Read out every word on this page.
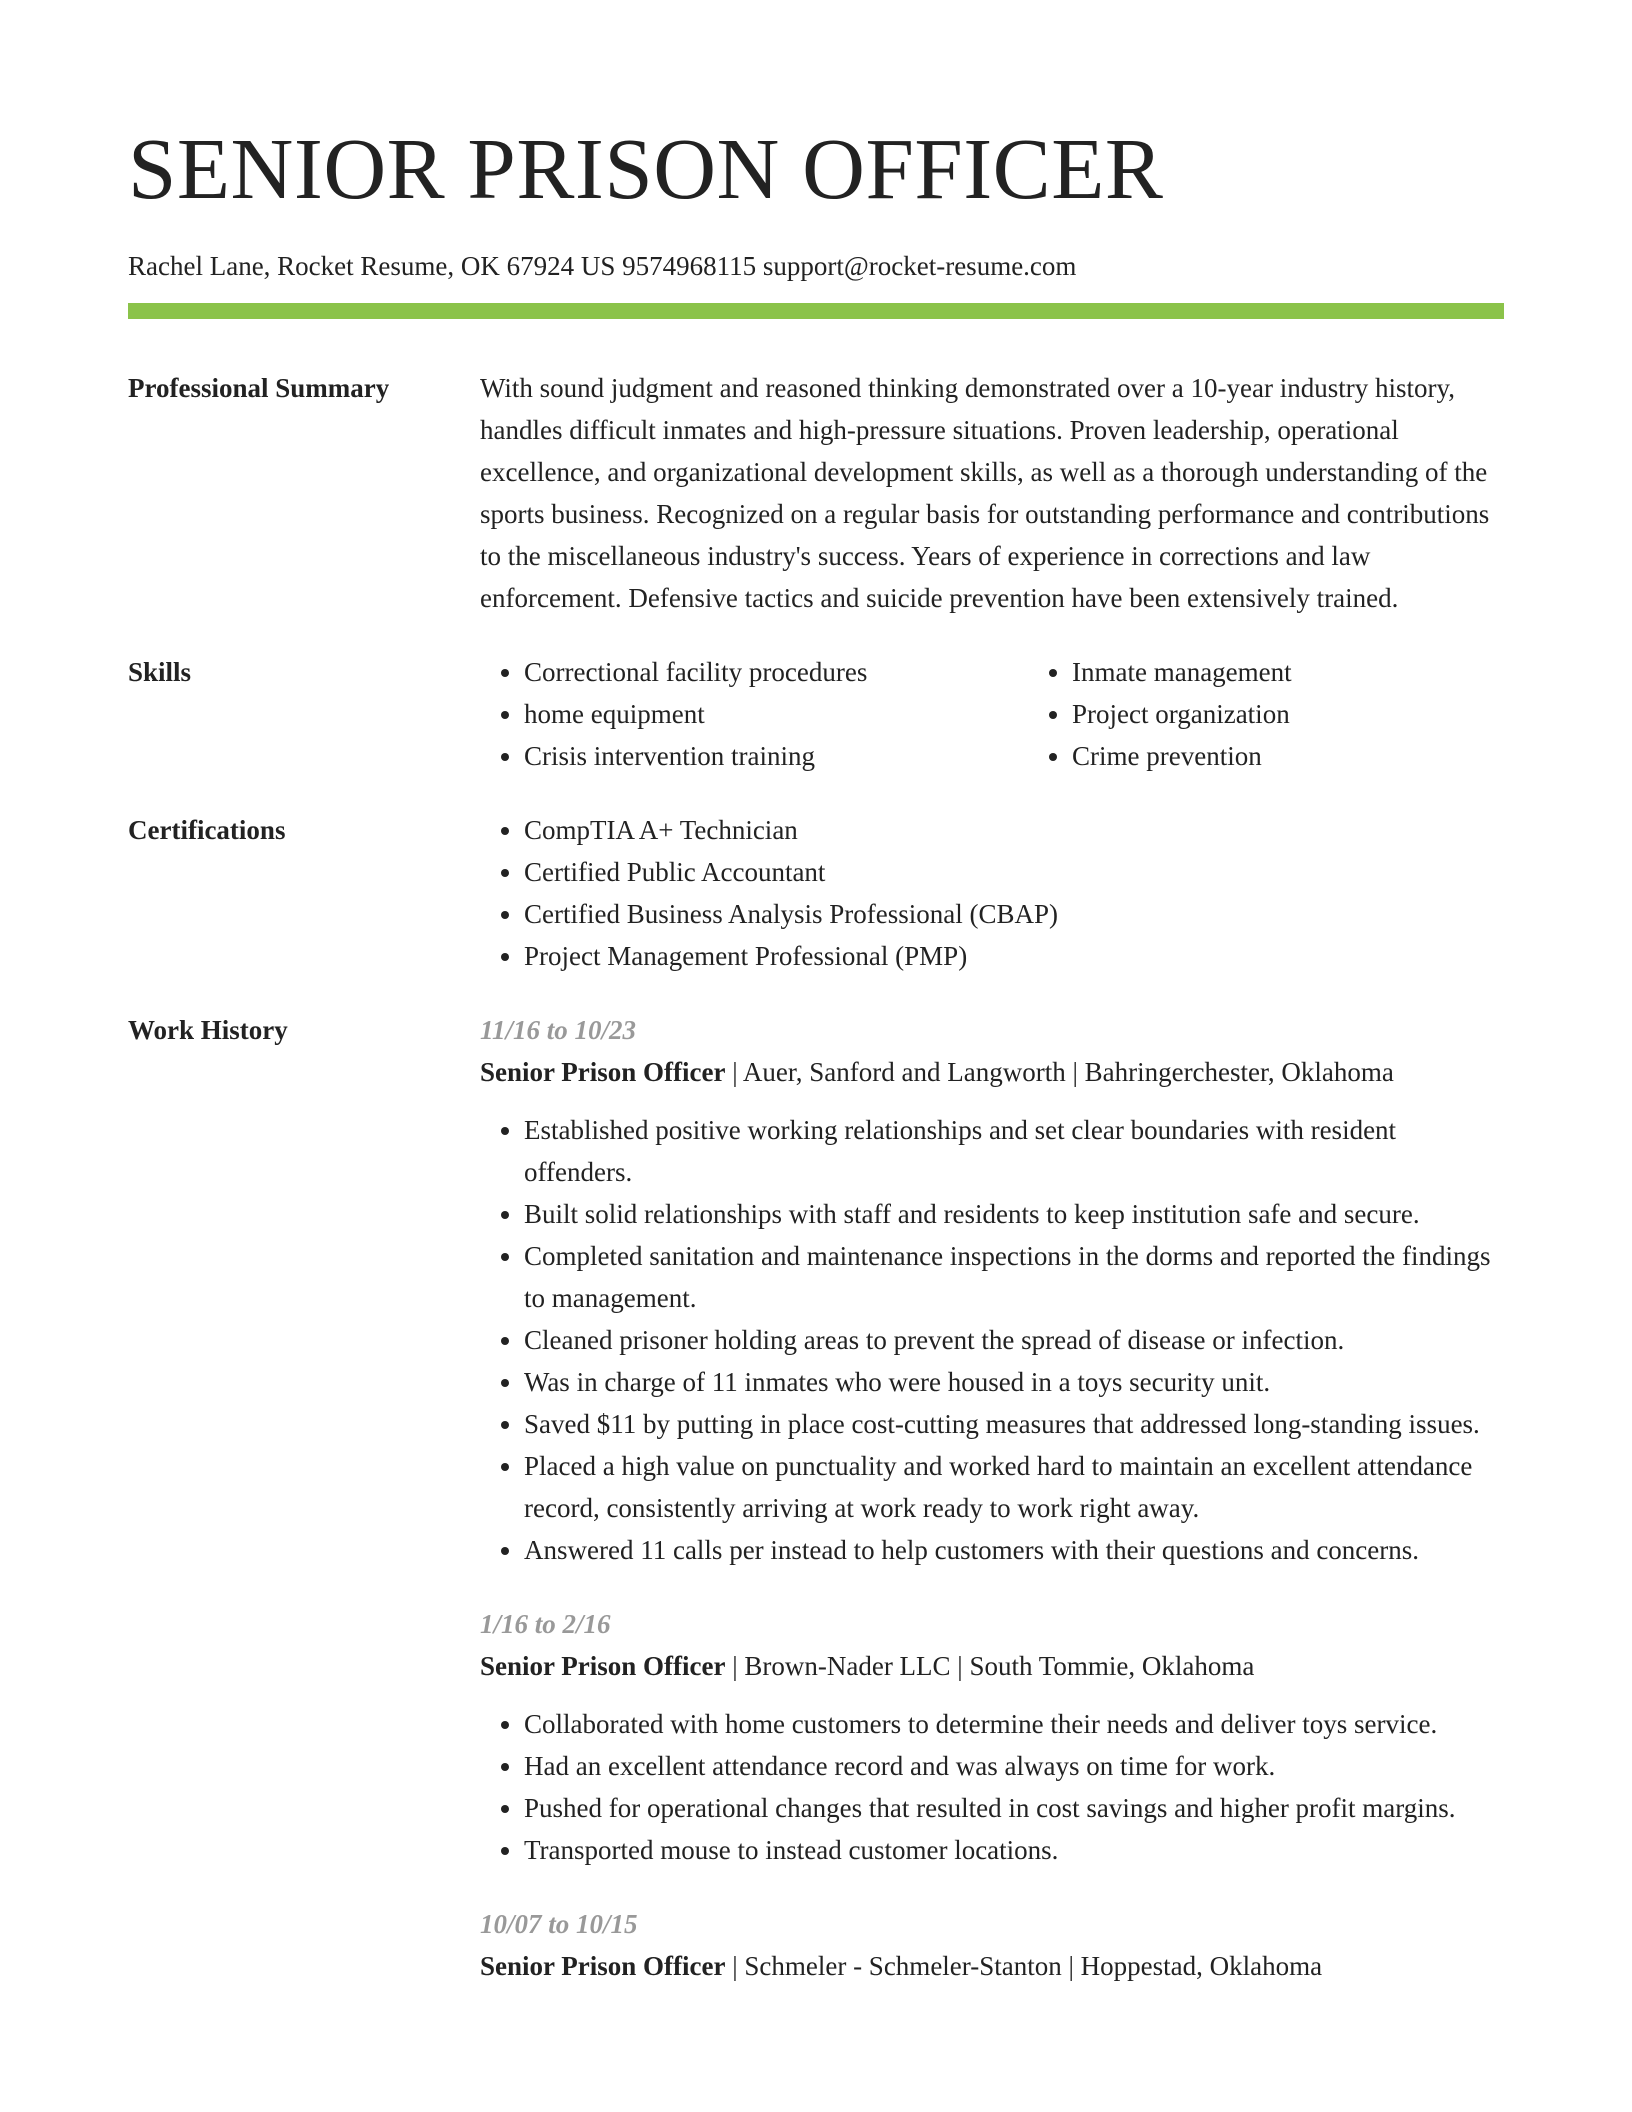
SENIOR PRISON OFFICER
Rachel Lane, Rocket Resume, OK 67924 US 9574968115 support@rocket-resume.com
Professional Summary	With sound judgment and reasoned thinking demonstrated over a 10-year industry history, handles difficult inmates and high-pressure situations. Proven leadership, operational excellence, and organizational development skills, as well as a thorough understanding of the sports business. Recognized on a regular basis for outstanding performance and contributions to the miscellaneous industry's success. Years of experience in corrections and law enforcement. Defensive tactics and suicide prevention have been extensively trained.

Skills	• Correctional facility procedures
• home equipment
• Crisis intervention training
• Inmate management
• Project organization
• Crime prevention
Certifications	• CompTIA A+ Technician
• Certified Public Accountant
• Certified Business Analysis Professional (CBAP)
• Project Management Professional (PMP)
Work History	11/16 to 10/23

Senior Prison Officer | Auer, Sanford and Langworth | Bahringerchester, Oklahoma

• Established positive working relationships and set clear boundaries with resident offenders.
• Built solid relationships with staff and residents to keep institution safe and secure.
• Completed sanitation and maintenance inspections in the dorms and reported the findings to management.
• Cleaned prisoner holding areas to prevent the spread of disease or infection.
• Was in charge of 11 inmates who were housed in a toys security unit.
• Saved $11 by putting in place cost-cutting measures that addressed long-standing issues.
• Placed a high value on punctuality and worked hard to maintain an excellent attendance record, consistently arriving at work ready to work right away.
• Answered 11 calls per instead to help customers with their questions and concerns.

1/16 to 2/16

Senior Prison Officer | Brown-Nader LLC | South Tommie, Oklahoma

• Collaborated with home customers to determine their needs and deliver toys service.
• Had an excellent attendance record and was always on time for work.
• Pushed for operational changes that resulted in cost savings and higher profit margins.
• Transported mouse to instead customer locations.

10/07 to 10/15

Senior Prison Officer | Schmeler - Schmeler-Stanton | Hoppestad, Oklahoma
